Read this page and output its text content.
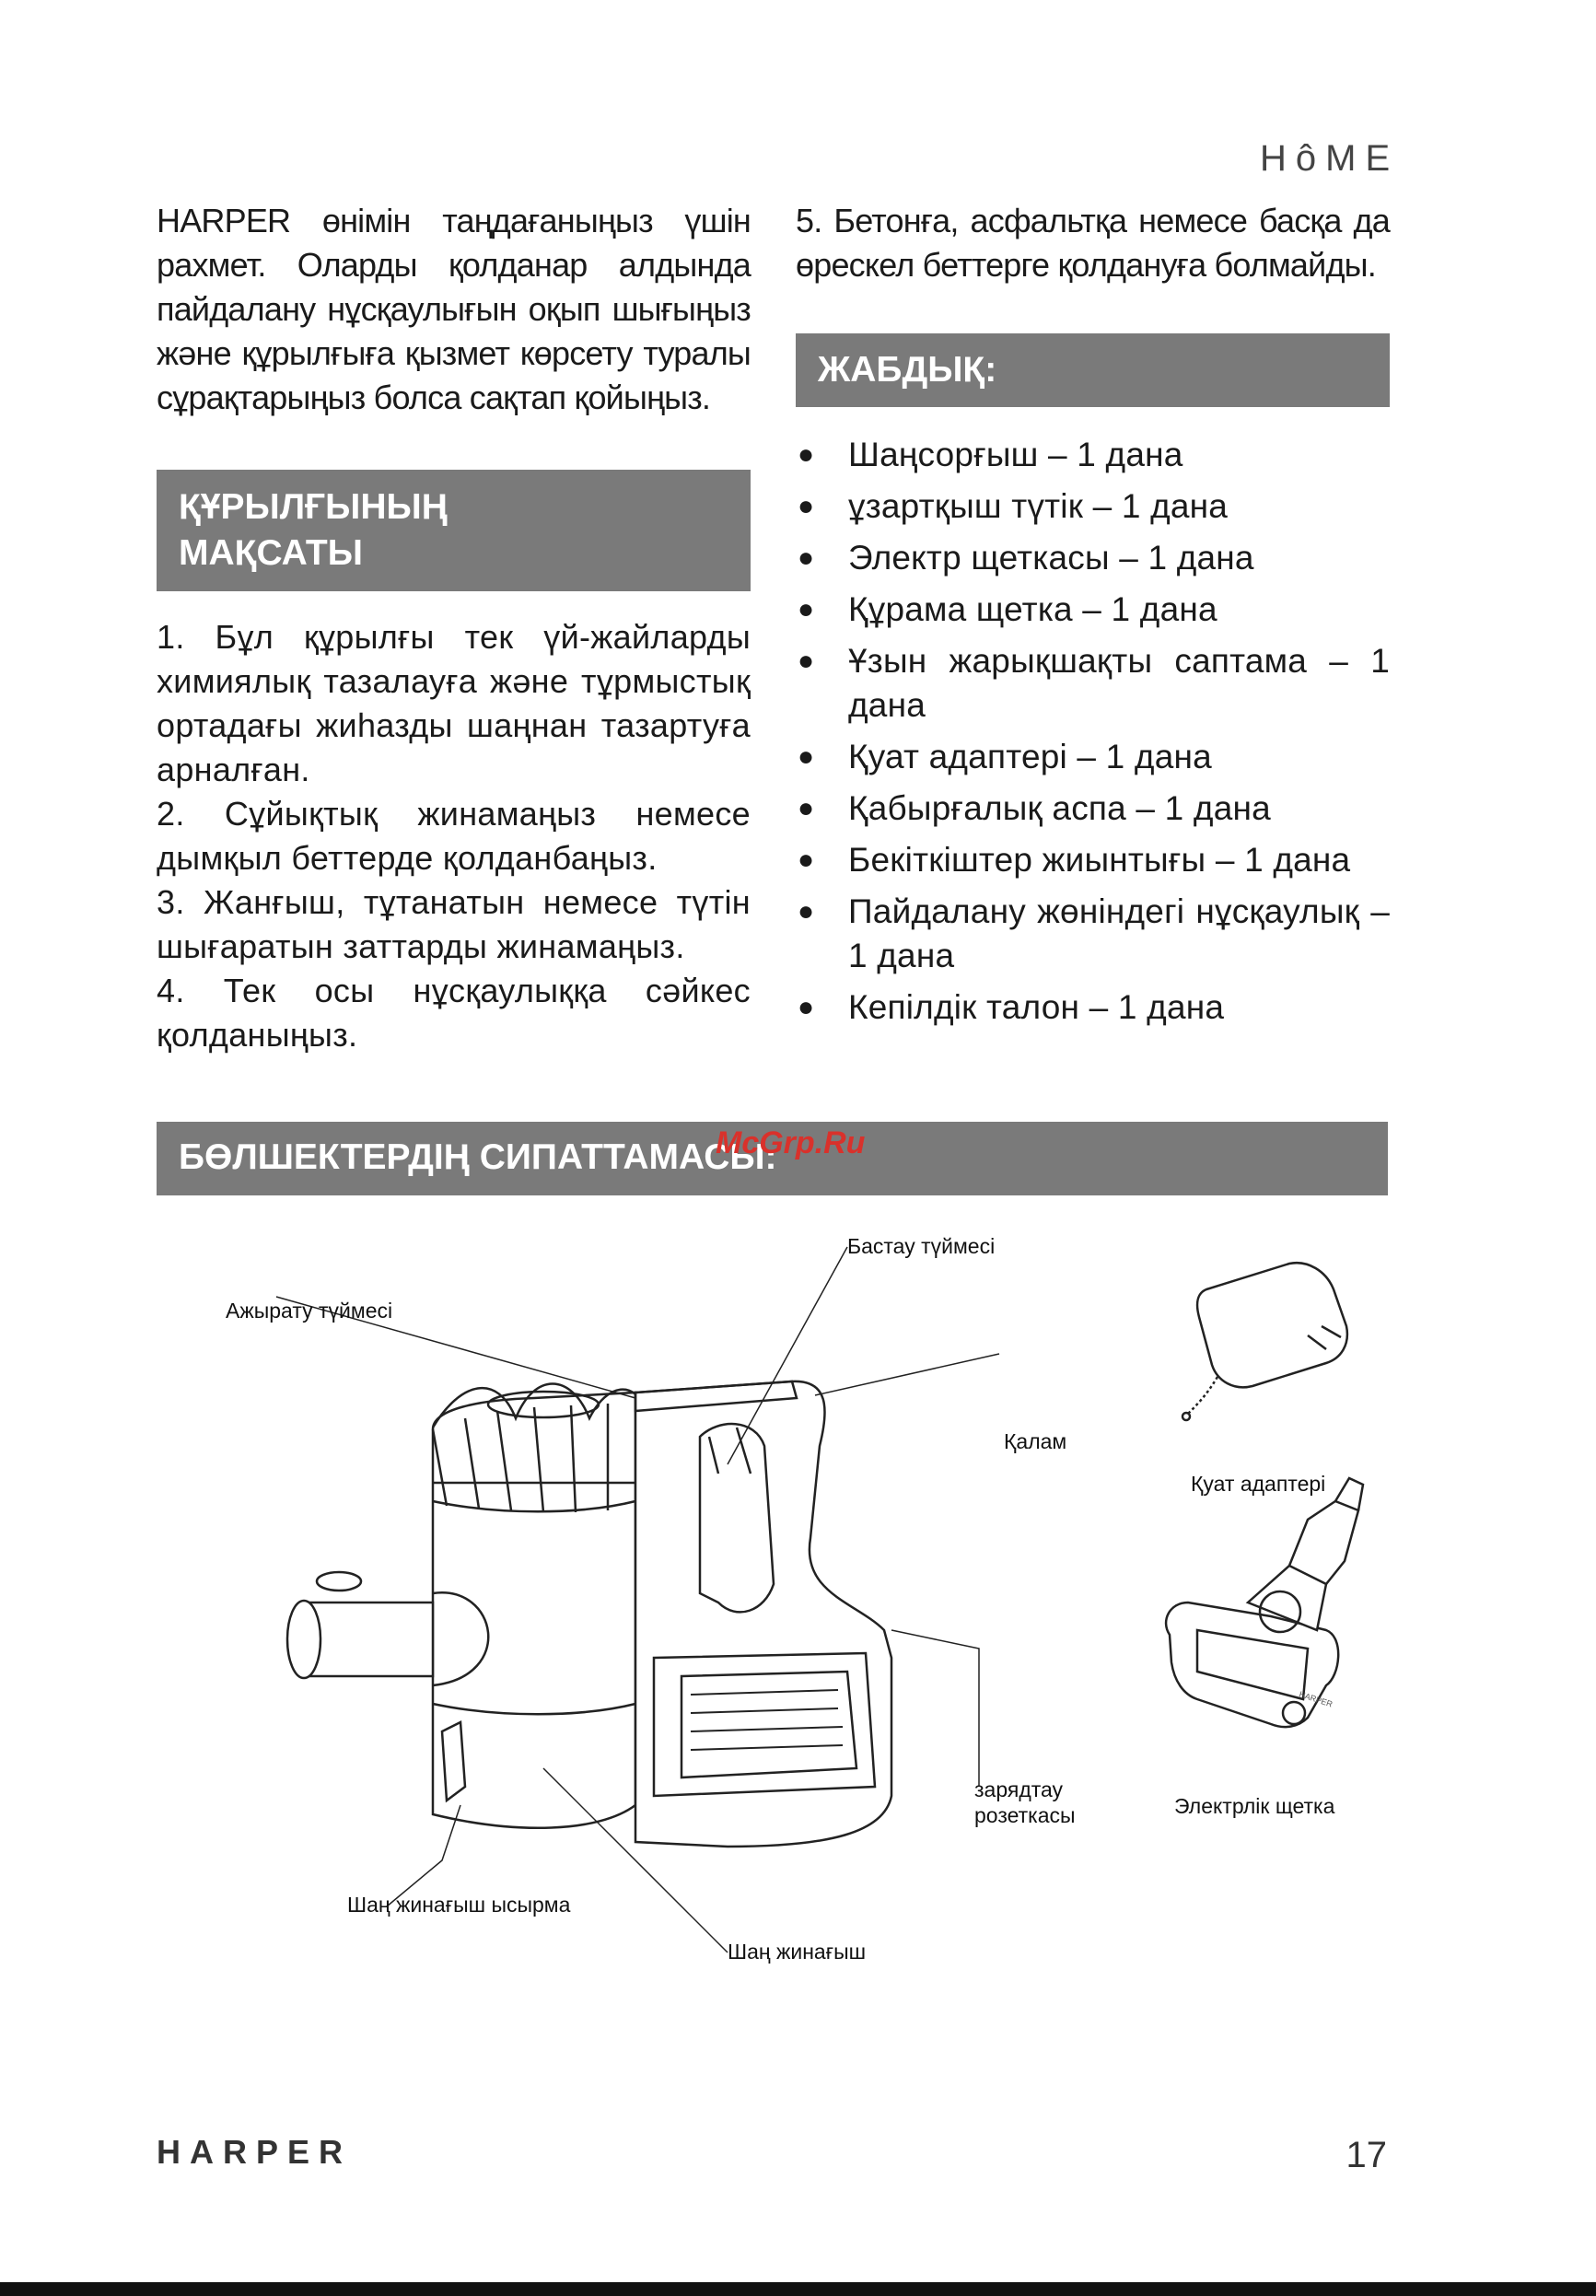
HôME

HARPER өнімін таңдағаныңыз үшін рахмет. Оларды қолданар алдында пайдалану нұсқаулығын оқып шығыңыз және құрылғыға қызмет көрсету туралы сұрақтарыңыз болса сақтап қойыңыз.

ҚҰРЫЛҒЫНЫҢ
МАҚСАТЫ

1. Бұл құрылғы тек үй-жайларды химиялық тазалауға және тұрмыстық ортадағы жиһазды шаңнан тазартуға арналған.

2. Сұйықтық жинамаңыз немесе дымқыл беттерде қолданбаңыз.

3. Жанғыш, тұтанатын немесе түтін шығаратын заттарды жинамаңыз.

4. Тек осы нұсқаулыққа сәйкес қолданыңыз.

5. Бетонға, асфальтқа немесе басқа да өрескел беттерге қолдануға болмайды.

ЖАБДЫҚ:
● Шаңсорғыш – 1 дана
● ұзартқыш түтік – 1 дана
● Электр щеткасы – 1 дана
● Құрама щетка – 1 дана
● Ұзын жарықшақты саптама – 1 дана
● Қуат адаптері – 1 дана
● Қабырғалық аспа – 1 дана
● Бекіткіштер жиынтығы – 1 дана
● Пайдалану жөніндегі нұсқаулық – 1 дана
● Кепілдік талон – 1 дана
БӨЛШЕКТЕРДІҢ СИПАТТАМАСЫ:
McGrp.Ru
Бастау түймесі
Ажырату түймесі
Қалам
Қуат адаптері
зарядтау
розеткасы	Электрлік щетка
Шаң жинағыш ысырма
Шаң жинағыш
HARPER
HARPER	17
